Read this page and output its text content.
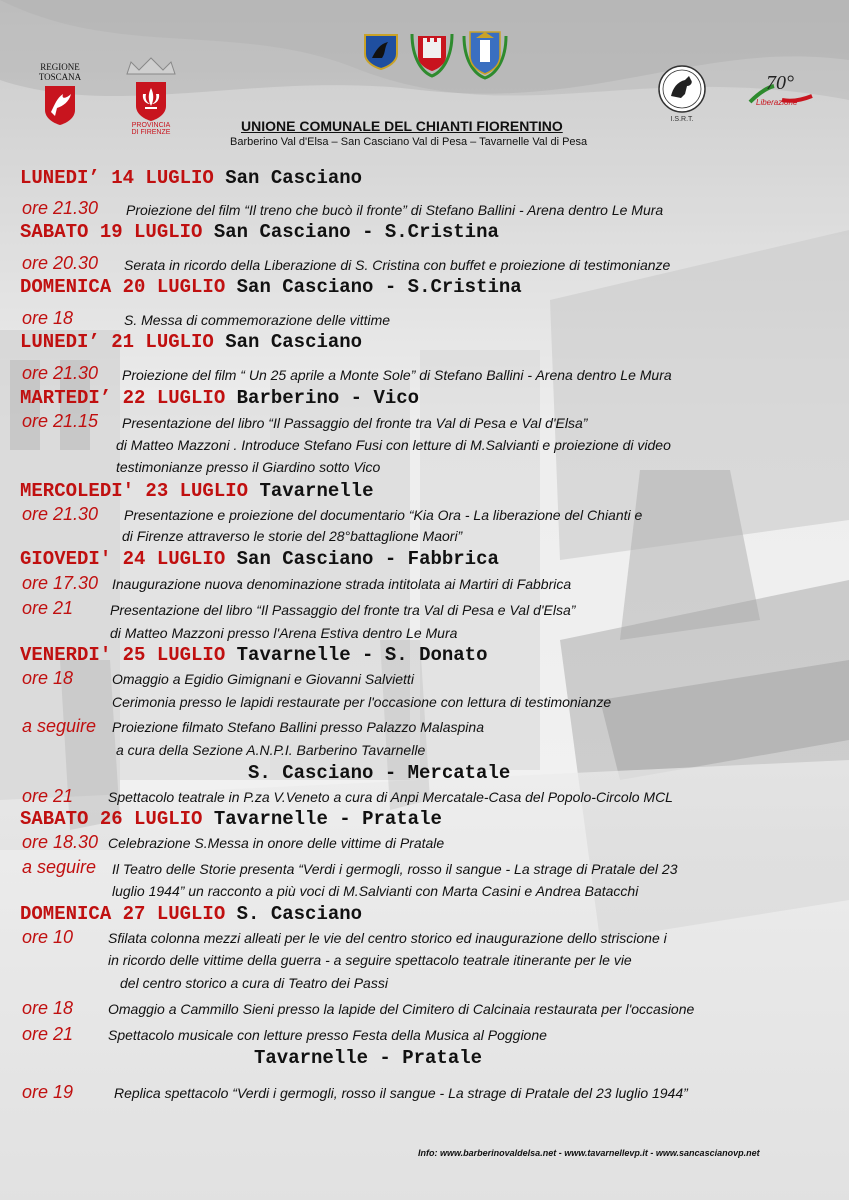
REGIONE
TOSCANA
PROVINCIA
DI FIRENZE
I.S.R.T.
70°
Liberazione
UNIONE COMUNALE DEL CHIANTI FIORENTINO
Barberino Val d'Elsa – San Casciano Val di Pesa – Tavarnelle Val di Pesa
LUNEDI’ 14 LUGLIO San Casciano
ore 21.30 Proiezione del film “Il treno che bucò il fronte” di Stefano Ballini - Arena dentro Le Mura
SABATO 19 LUGLIO San Casciano - S.Cristina
ore 20.30 Serata in ricordo della Liberazione di S. Cristina con buffet e proiezione di testimonianze
DOMENICA 20 LUGLIO San Casciano - S.Cristina
ore 18	S. Messa di commemorazione delle vittime
LUNEDI’ 21 LUGLIO San Casciano
ore 21.30 Proiezione del film “ Un 25 aprile a Monte Sole” di Stefano Ballini - Arena dentro Le Mura
MARTEDI’ 22 LUGLIO Barberino - Vico
ore 21.15 Presentazione del libro “Il Passaggio del fronte tra Val di Pesa e Val d'Elsa”
di Matteo Mazzoni . Introduce Stefano Fusi con letture di M.Salvianti e proiezione di video
testimonianze presso il Giardino sotto Vico
MERCOLEDI' 23 LUGLIO Tavarnelle
ore 21.30 Presentazione e proiezione del documentario “Kia Ora - La liberazione del Chianti e
di Firenze attraverso le storie del 28°battaglione Maori”
GIOVEDI' 24 LUGLIO San Casciano - Fabbrica
ore 17.30 Inaugurazione nuova denominazione strada intitolata ai Martiri di Fabbrica
ore 21	Presentazione del libro “Il Passaggio del fronte tra Val di Pesa e Val d'Elsa”
di Matteo Mazzoni presso l'Arena Estiva dentro Le Mura
VENERDI' 25 LUGLIO Tavarnelle - S. Donato
ore 18	Omaggio a Egidio Gimignani e Giovanni Salvietti
Cerimonia presso le lapidi restaurate per l'occasione con lettura di testimonianze
a seguire Proiezione filmato Stefano Ballini presso Palazzo Malaspina
a cura della Sezione A.N.P.I. Barberino Tavarnelle
S. Casciano - Mercatale
ore 21 Spettacolo teatrale in P.za V.Veneto a cura di Anpi Mercatale-Casa del Popolo-Circolo MCL
SABATO 26 LUGLIO Tavarnelle - Pratale
ore 18.30 Celebrazione S.Messa in onore delle vittime di Pratale
a seguire Il Teatro delle Storie presenta “Verdi i germogli, rosso il sangue - La strage di Pratale del 23
luglio 1944” un racconto a più voci di M.Salvianti con Marta Casini e Andrea Batacchi
DOMENICA 27 LUGLIO S. Casciano
ore 10 Sfilata colonna mezzi alleati per le vie del centro storico ed inaugurazione dello striscione i
in ricordo delle vittime della guerra - a seguire spettacolo teatrale itinerante per le vie
del centro storico a cura di Teatro dei Passi
ore 18 Omaggio a Cammillo Sieni presso la lapide del Cimitero di Calcinaia restaurata per l'occasione
ore 21 Spettacolo musicale con letture presso Festa della Musica al Poggione
Tavarnelle - Pratale
ore 19	Replica spettacolo “Verdi i germogli, rosso il sangue - La strage di Pratale del 23 luglio 1944”
Info: www.barberinovaldelsa.net - www.tavarnellevp.it - www.sancascianovp.net
